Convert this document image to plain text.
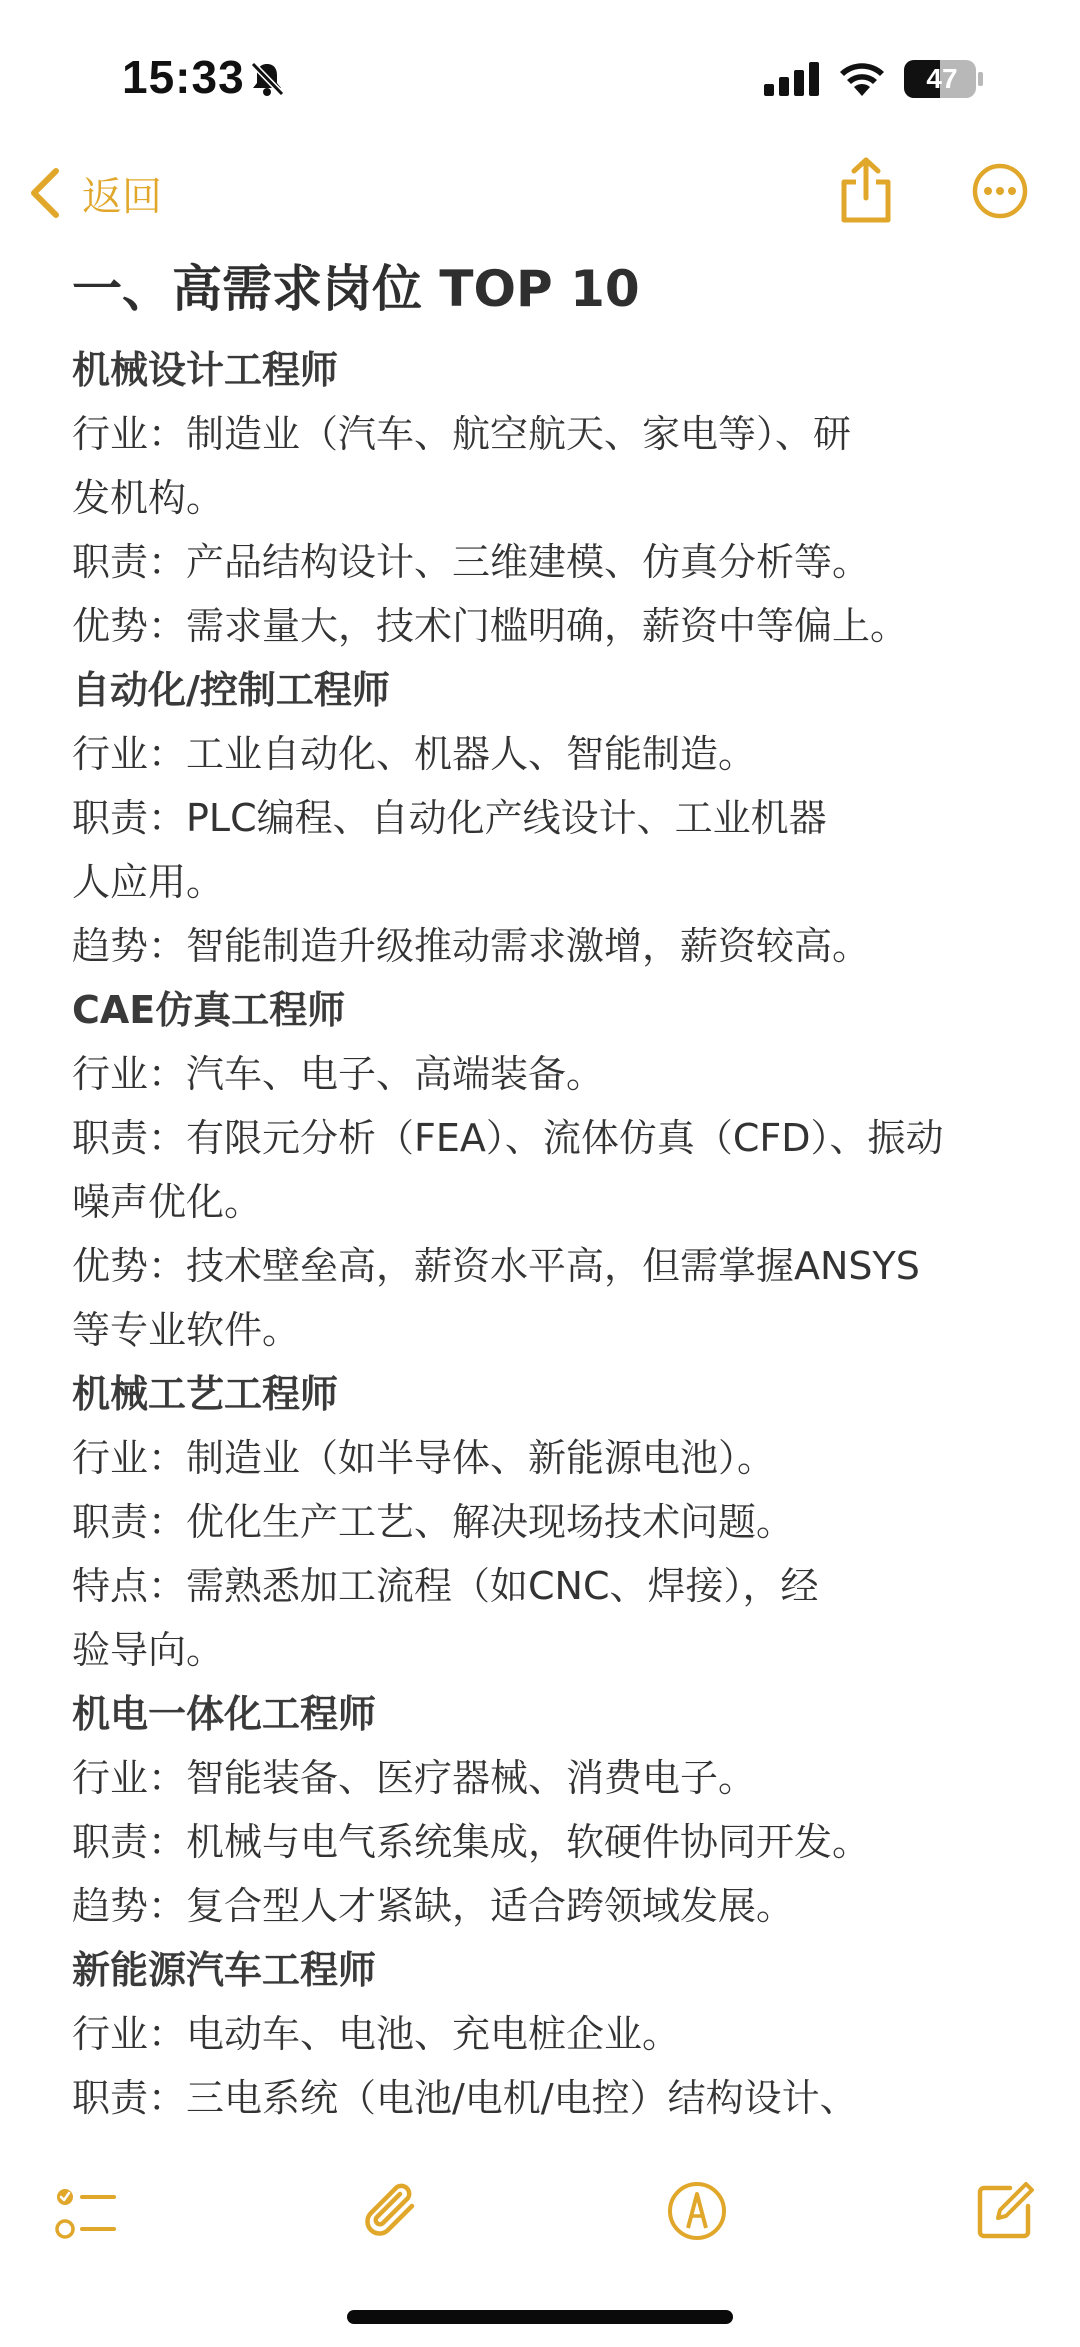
15:33	47
返回
一、高需求岗位 TOP 10
机械设计工程师
行业：制造业（汽车、航空航天、家电等）、研
发机构。
职责：产品结构设计、三维建模、仿真分析等。
优势：需求量大，技术门槛明确，薪资中等偏上。
自动化/控制工程师
行业：工业自动化、机器人、智能制造。
职责：PLC编程、自动化产线设计、工业机器
人应用。
趋势：智能制造升级推动需求激增，薪资较高。
CAE仿真工程师
行业：汽车、电子、高端装备。
职责：有限元分析（FEA）、流体仿真（CFD）、振动
噪声优化。
优势：技术壁垒高，薪资水平高，但需掌握ANSYS
等专业软件。
机械工艺工程师
行业：制造业（如半导体、新能源电池）。
职责：优化生产工艺、解决现场技术问题。
特点：需熟悉加工流程（如CNC、焊接），经
验导向。
机电一体化工程师
行业：智能装备、医疗器械、消费电子。
职责：机械与电气系统集成，软硬件协同开发。
趋势：复合型人才紧缺，适合跨领域发展。
新能源汽车工程师
行业：电动车、电池、充电桩企业。
职责：三电系统（电池/电机/电控）结构设计、
